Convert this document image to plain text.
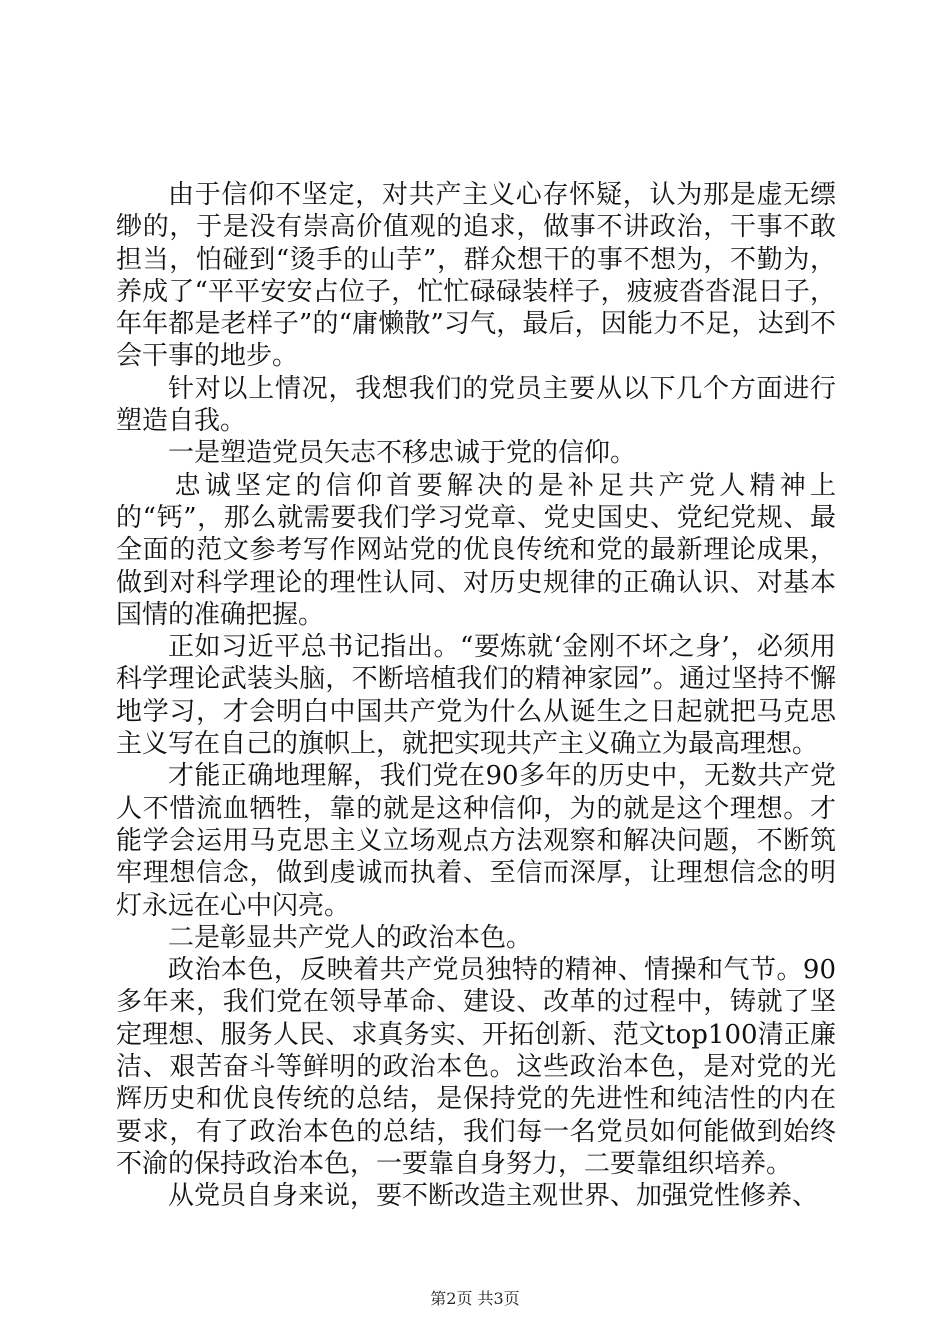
由于信仰不坚定，对共产主义心存怀疑，认为那是虚无缥缈的，于是没有崇高价值观的追求，做事不讲政治，干事不敢担当，怕碰到“烫手的山芋”，群众想干的事不想为，不勤为，养成了“平平安安占位子，忙忙碌碌装样子，疲疲沓沓混日子，年年都是老样子”的“庸懒散”习气，最后，因能力不足，达到不会干事的地步。

针对以上情况，我想我们的党员主要从以下几个方面进行塑造自我。

一是塑造党员矢志不移忠诚于党的信仰。

忠诚坚定的信仰首要解决的是补足共产党人精神上的“钙”，那么就需要我们学习党章、党史国史、党纪党规、最全面的范文参考写作网站党的优良传统和党的最新理论成果，做到对科学理论的理性认同、对历史规律的正确认识、对基本国情的准确把握。

正如习近平总书记指出。“要炼就‘金刚不坏之身’，必须用科学理论武装头脑，不断培植我们的精神家园”。通过坚持不懈地学习，才会明白中国共产党为什么从诞生之日起就把马克思主义写在自己的旗帜上，就把实现共产主义确立为最高理想。

才能正确地理解，我们党在90多年的历史中，无数共产党人不惜流血牺牲，靠的就是这种信仰，为的就是这个理想。才能学会运用马克思主义立场观点方法观察和解决问题，不断筑牢理想信念，做到虔诚而执着、至信而深厚，让理想信念的明灯永远在心中闪亮。

二是彰显共产党人的政治本色。

政治本色，反映着共产党员独特的精神、情操和气节。90多年来，我们党在领导革命、建设、改革的过程中，铸就了坚定理想、服务人民、求真务实、开拓创新、范文top100清正廉洁、艰苦奋斗等鲜明的政治本色。这些政治本色，是对党的光辉历史和优良传统的总结，是保持党的先进性和纯洁性的内在要求，有了政治本色的总结，我们每一名党员如何能做到始终不渝的保持政治本色，一要靠自身努力，二要靠组织培养。

从党员自身来说，要不断改造主观世界、加强党性修养、

第2页 共3页
